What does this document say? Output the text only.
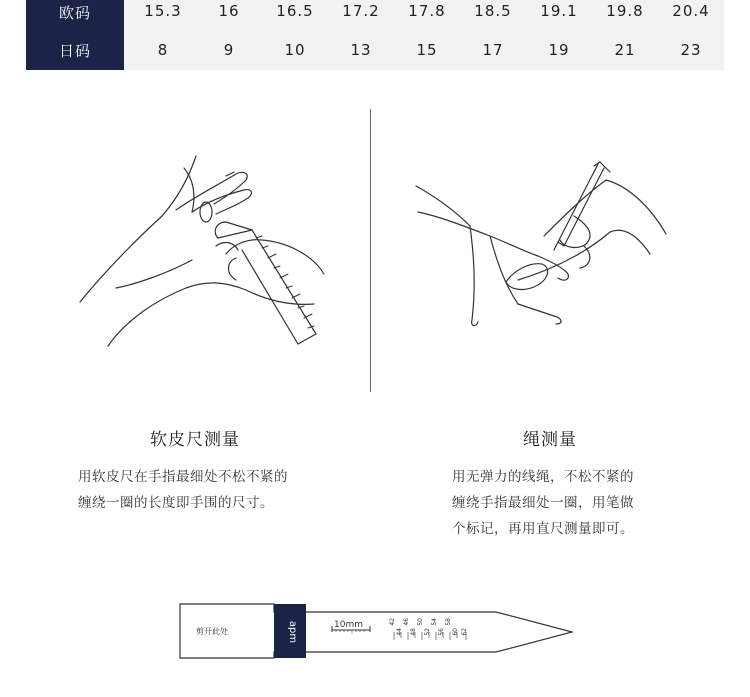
欧码	15.3	16	16.5	17.2	17.8	18.5	19.1	19.8	20.4
日码	8	9	10	13	15	17	19	21	23
软皮尺测量
用软皮尺在手指最细处不松不紧的
缠绕一圈的长度即手围的尺寸。
绳测量
用无弹力的线绳，不松不紧的
缠绕手指最细处一圈，用笔做
个标记，再用直尺测量即可。
apm
剪开此处
10mm	42 46 50 54 58
44 48 52 56 60 62
